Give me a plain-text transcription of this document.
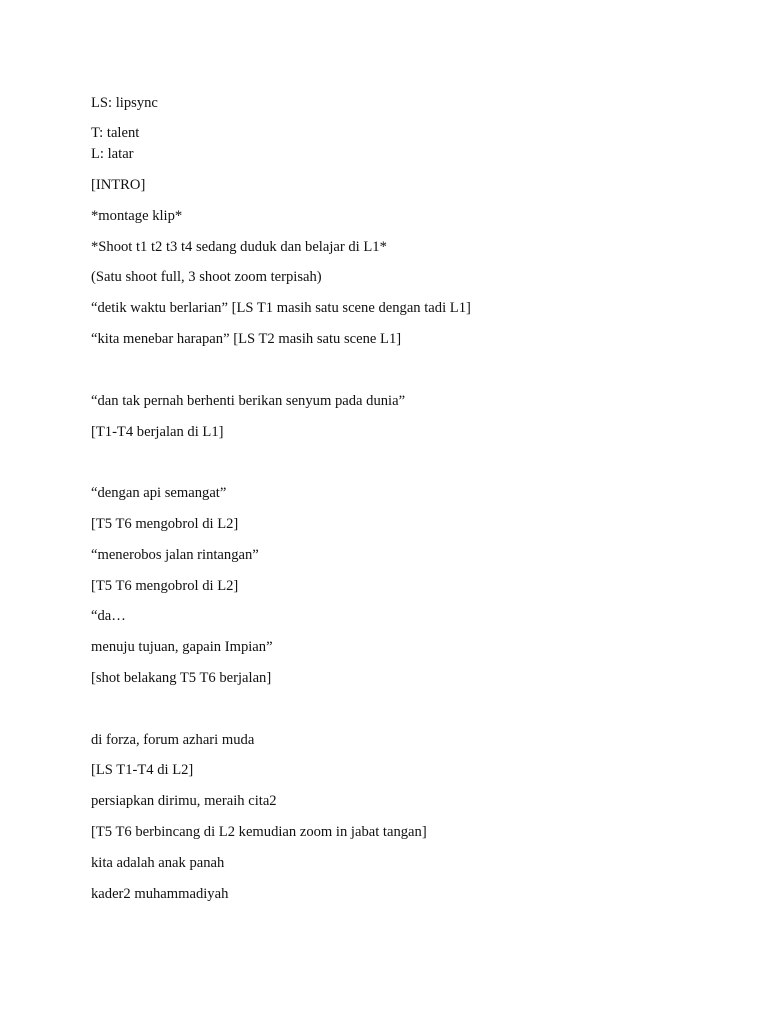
LS: lipsync
T: talent
L: latar
[INTRO]
*montage klip*
*Shoot t1 t2 t3 t4 sedang duduk dan belajar di L1*
(Satu shoot full, 3 shoot zoom terpisah)
“detik waktu berlarian” [LS T1 masih satu scene dengan tadi L1]
“kita menebar harapan” [LS T2 masih satu scene L1]
“dan tak pernah berhenti berikan senyum pada dunia”
[T1-T4 berjalan di L1]
“dengan api semangat”
[T5 T6 mengobrol di L2]
“menerobos jalan rintangan”
[T5 T6 mengobrol di L2]
“da…
menuju tujuan, gapain Impian”
[shot belakang T5 T6 berjalan]
di forza, forum azhari muda
[LS T1-T4 di L2]
persiapkan dirimu, meraih cita2
[T5 T6 berbincang di L2 kemudian zoom in jabat tangan]
kita adalah anak panah
kader2 muhammadiyah
